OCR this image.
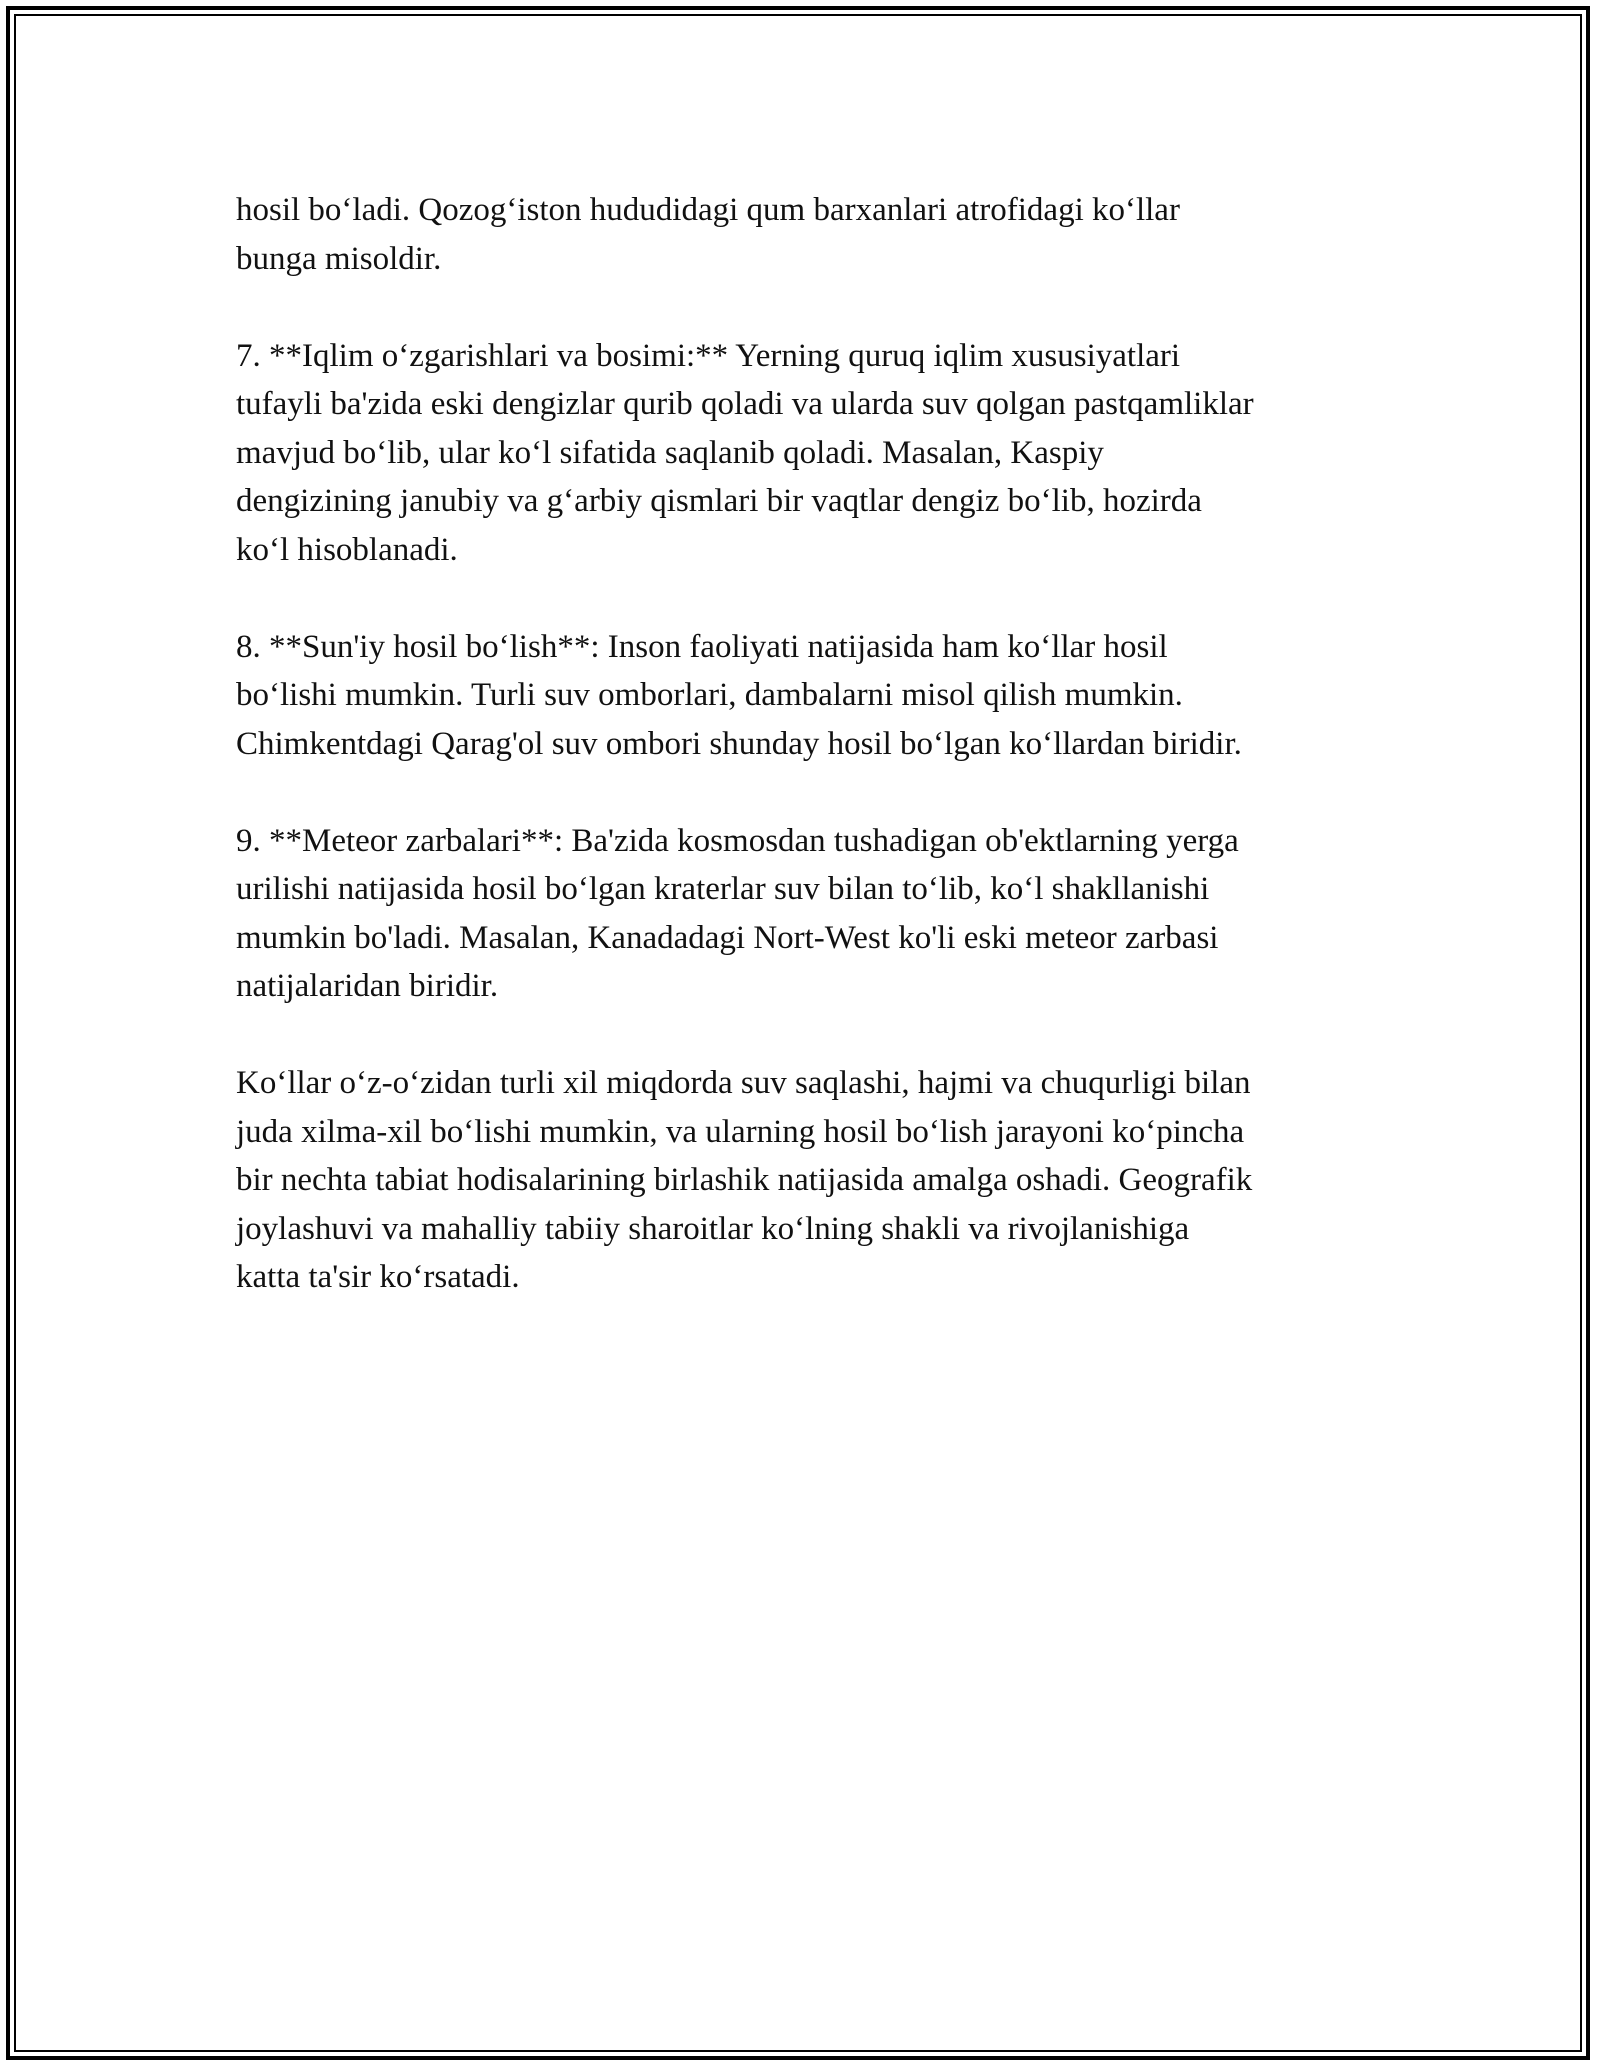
hosil bo‘ladi. Qozog‘iston hududidagi qum barxanlari atrofidagi ko‘llar
bunga misoldir.

7. **Iqlim o‘zgarishlari va bosimi:** Yerning quruq iqlim xususiyatlari
tufayli ba'zida eski dengizlar qurib qoladi va ularda suv qolgan pastqamliklar
mavjud bo‘lib, ular ko‘l sifatida saqlanib qoladi. Masalan, Kaspiy
dengizining janubiy va g‘arbiy qismlari bir vaqtlar dengiz bo‘lib, hozirda
ko‘l hisoblanadi.

8. **Sun'iy hosil bo‘lish**: Inson faoliyati natijasida ham ko‘llar hosil
bo‘lishi mumkin. Turli suv omborlari, dambalarni misol qilish mumkin.
Chimkentdagi Qarag'ol suv ombori shunday hosil bo‘lgan ko‘llardan biridir.

9. **Meteor zarbalari**: Ba'zida kosmosdan tushadigan ob'ektlarning yerga
urilishi natijasida hosil bo‘lgan kraterlar suv bilan to‘lib, ko‘l shakllanishi
mumkin bo'ladi. Masalan, Kanadadagi Nort-West ko'li eski meteor zarbasi
natijalaridan biridir.

Ko‘llar o‘z-o‘zidan turli xil miqdorda suv saqlashi, hajmi va chuqurligi bilan
juda xilma-xil bo‘lishi mumkin, va ularning hosil bo‘lish jarayoni ko‘pincha
bir nechta tabiat hodisalarining birlashik natijasida amalga oshadi. Geografik
joylashuvi va mahalliy tabiiy sharoitlar ko‘lning shakli va rivojlanishiga
katta ta'sir ko‘rsatadi.
